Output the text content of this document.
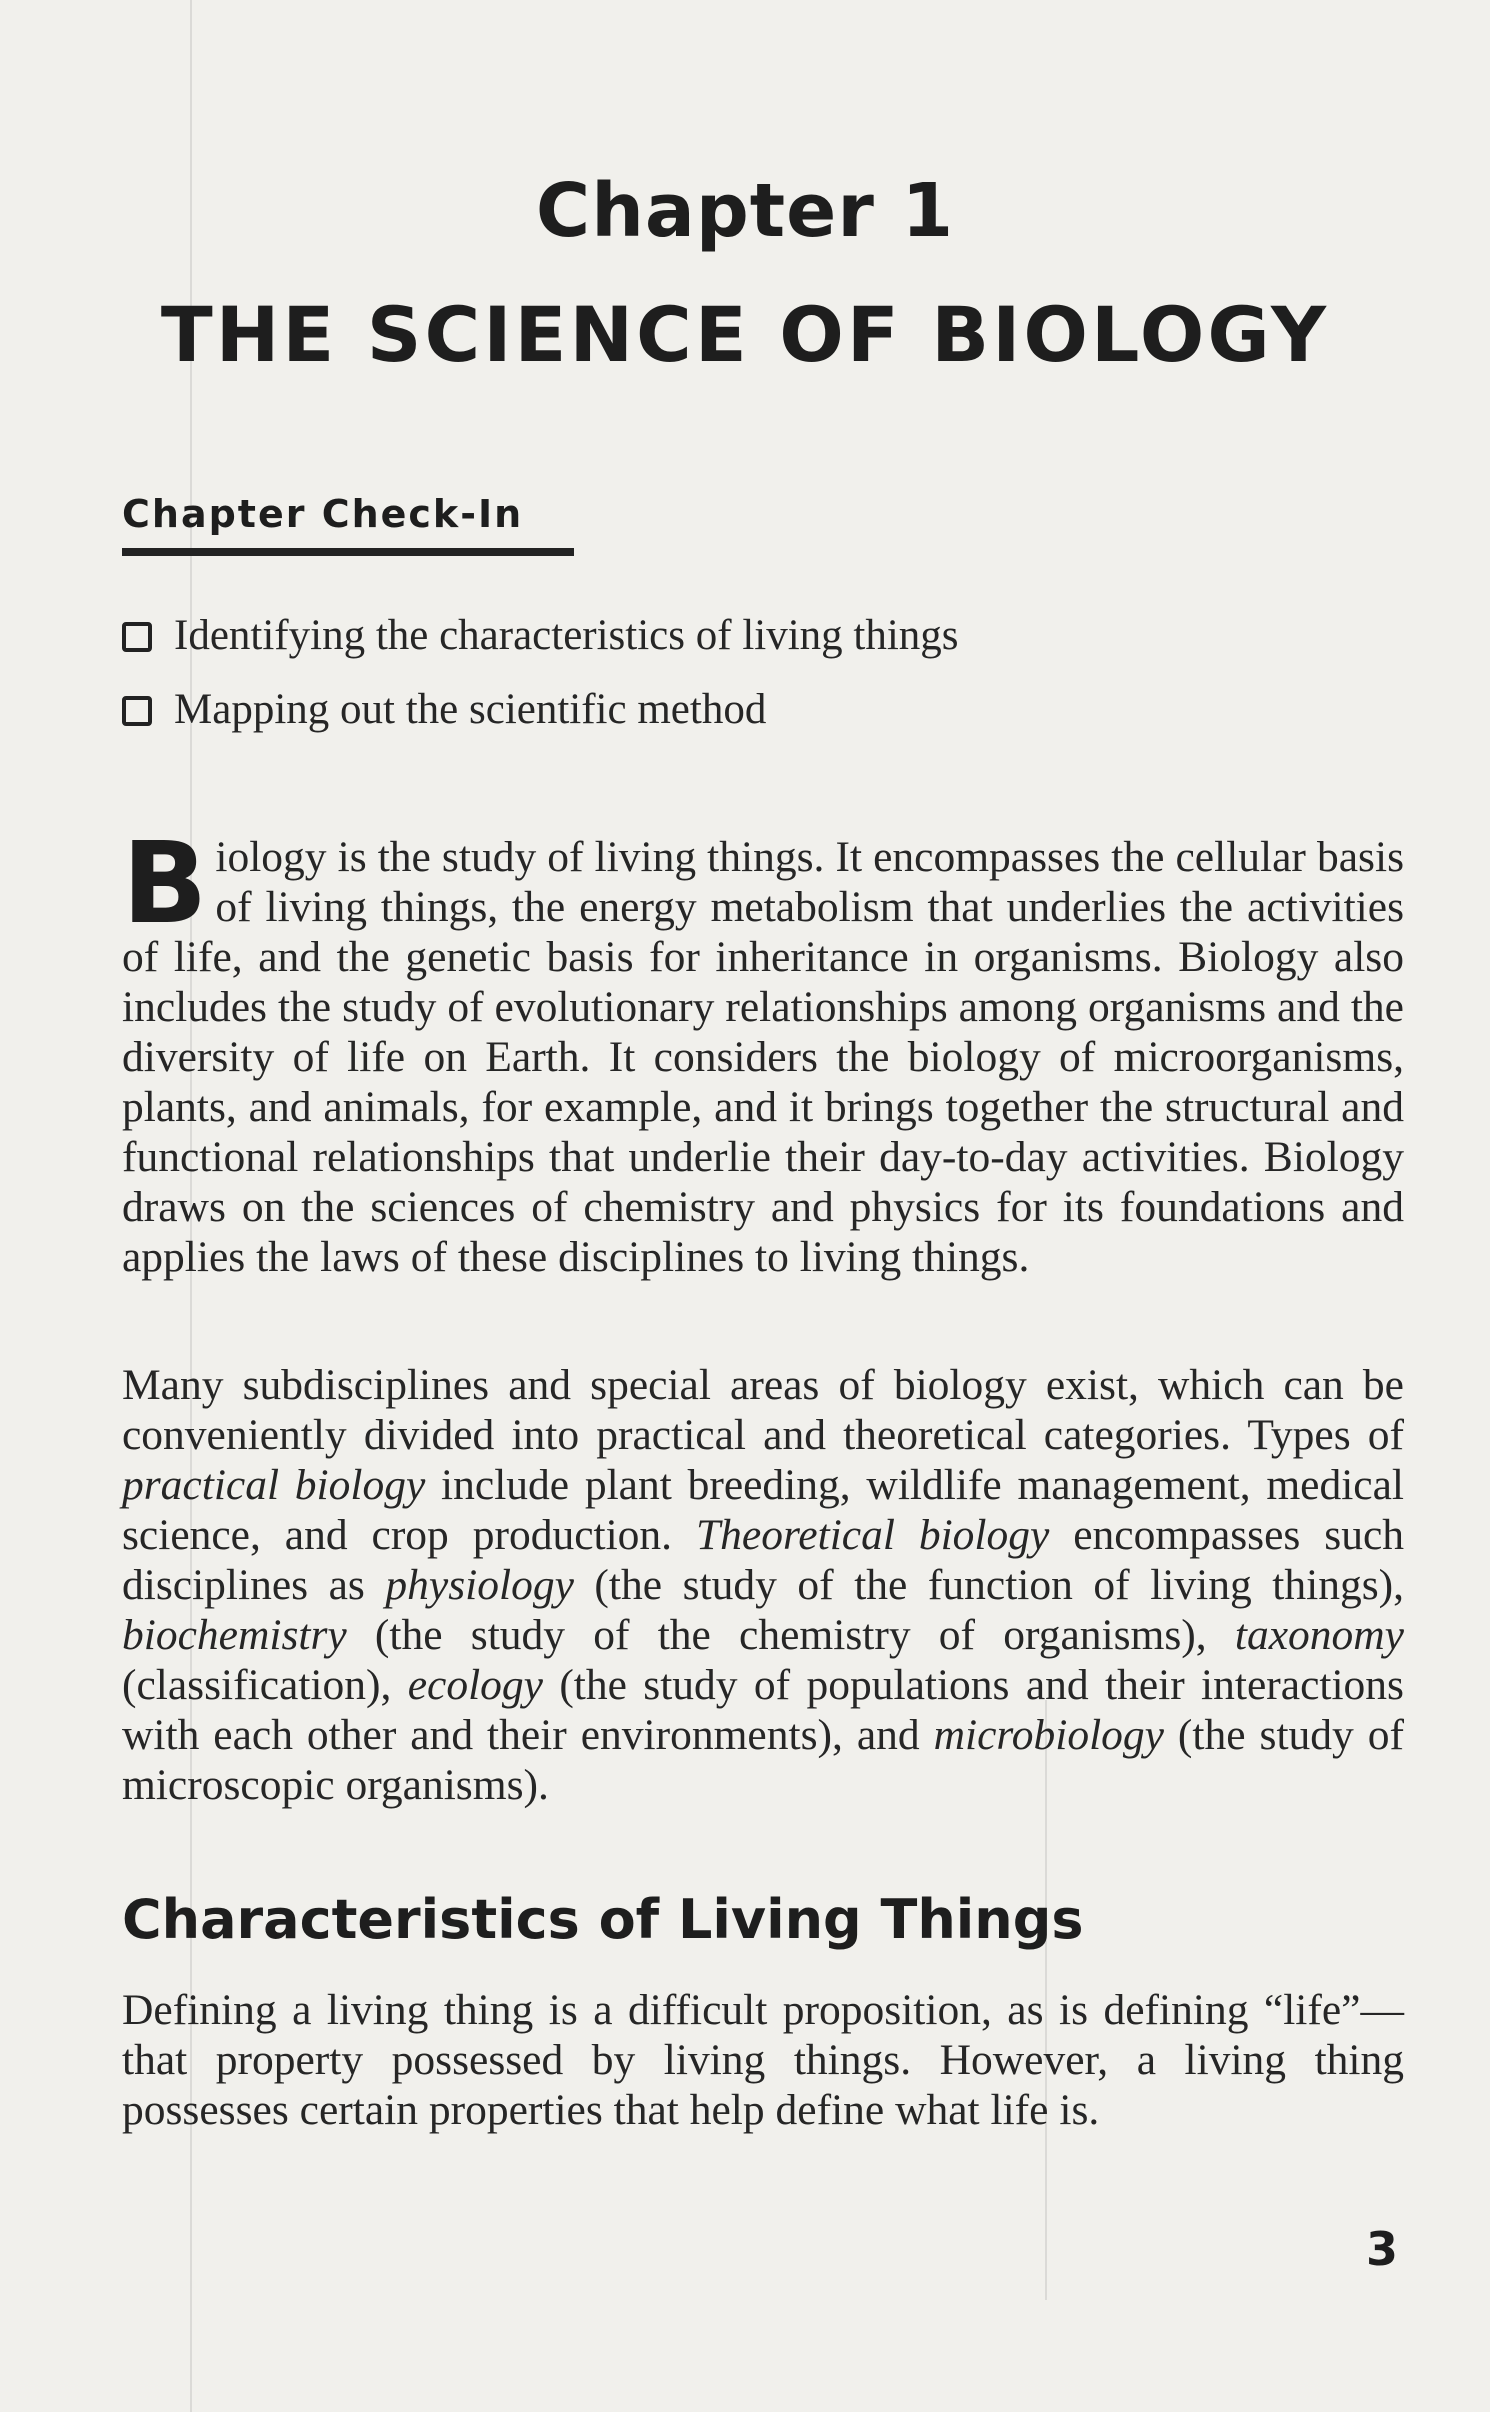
Chapter 1
THE SCIENCE OF BIOLOGY
Chapter Check-In
Identifying the characteristics of living things
Mapping out the scientific method

Biology is the study of living things. It encompasses the cellular basis of living things, the energy metabolism that underlies the activities of life, and the genetic basis for inheritance in organisms. Biology also includes the study of evolutionary relationships among organisms and the diversity of life on Earth. It considers the biology of microorganisms, plants, and animals, for example, and it brings together the structural and functional relationships that underlie their day-to-day activities. Biology draws on the sciences of chemistry and physics for its foundations and applies the laws of these disciplines to living things.

Many subdisciplines and special areas of biology exist, which can be conveniently divided into practical and theoretical categories. Types of practical biology include plant breeding, wildlife management, medical science, and crop production. Theoretical biology encompasses such disciplines as physiology (the study of the function of living things), biochemistry (the study of the chemistry of organisms), taxonomy (classification), ecology (the study of populations and their interactions with each other and their environments), and microbiology (the study of microscopic organisms).

Characteristics of Living Things

Defining a living thing is a difficult proposition, as is defining “life”—that property possessed by living things. However, a living thing possesses certain properties that help define what life is.

3
